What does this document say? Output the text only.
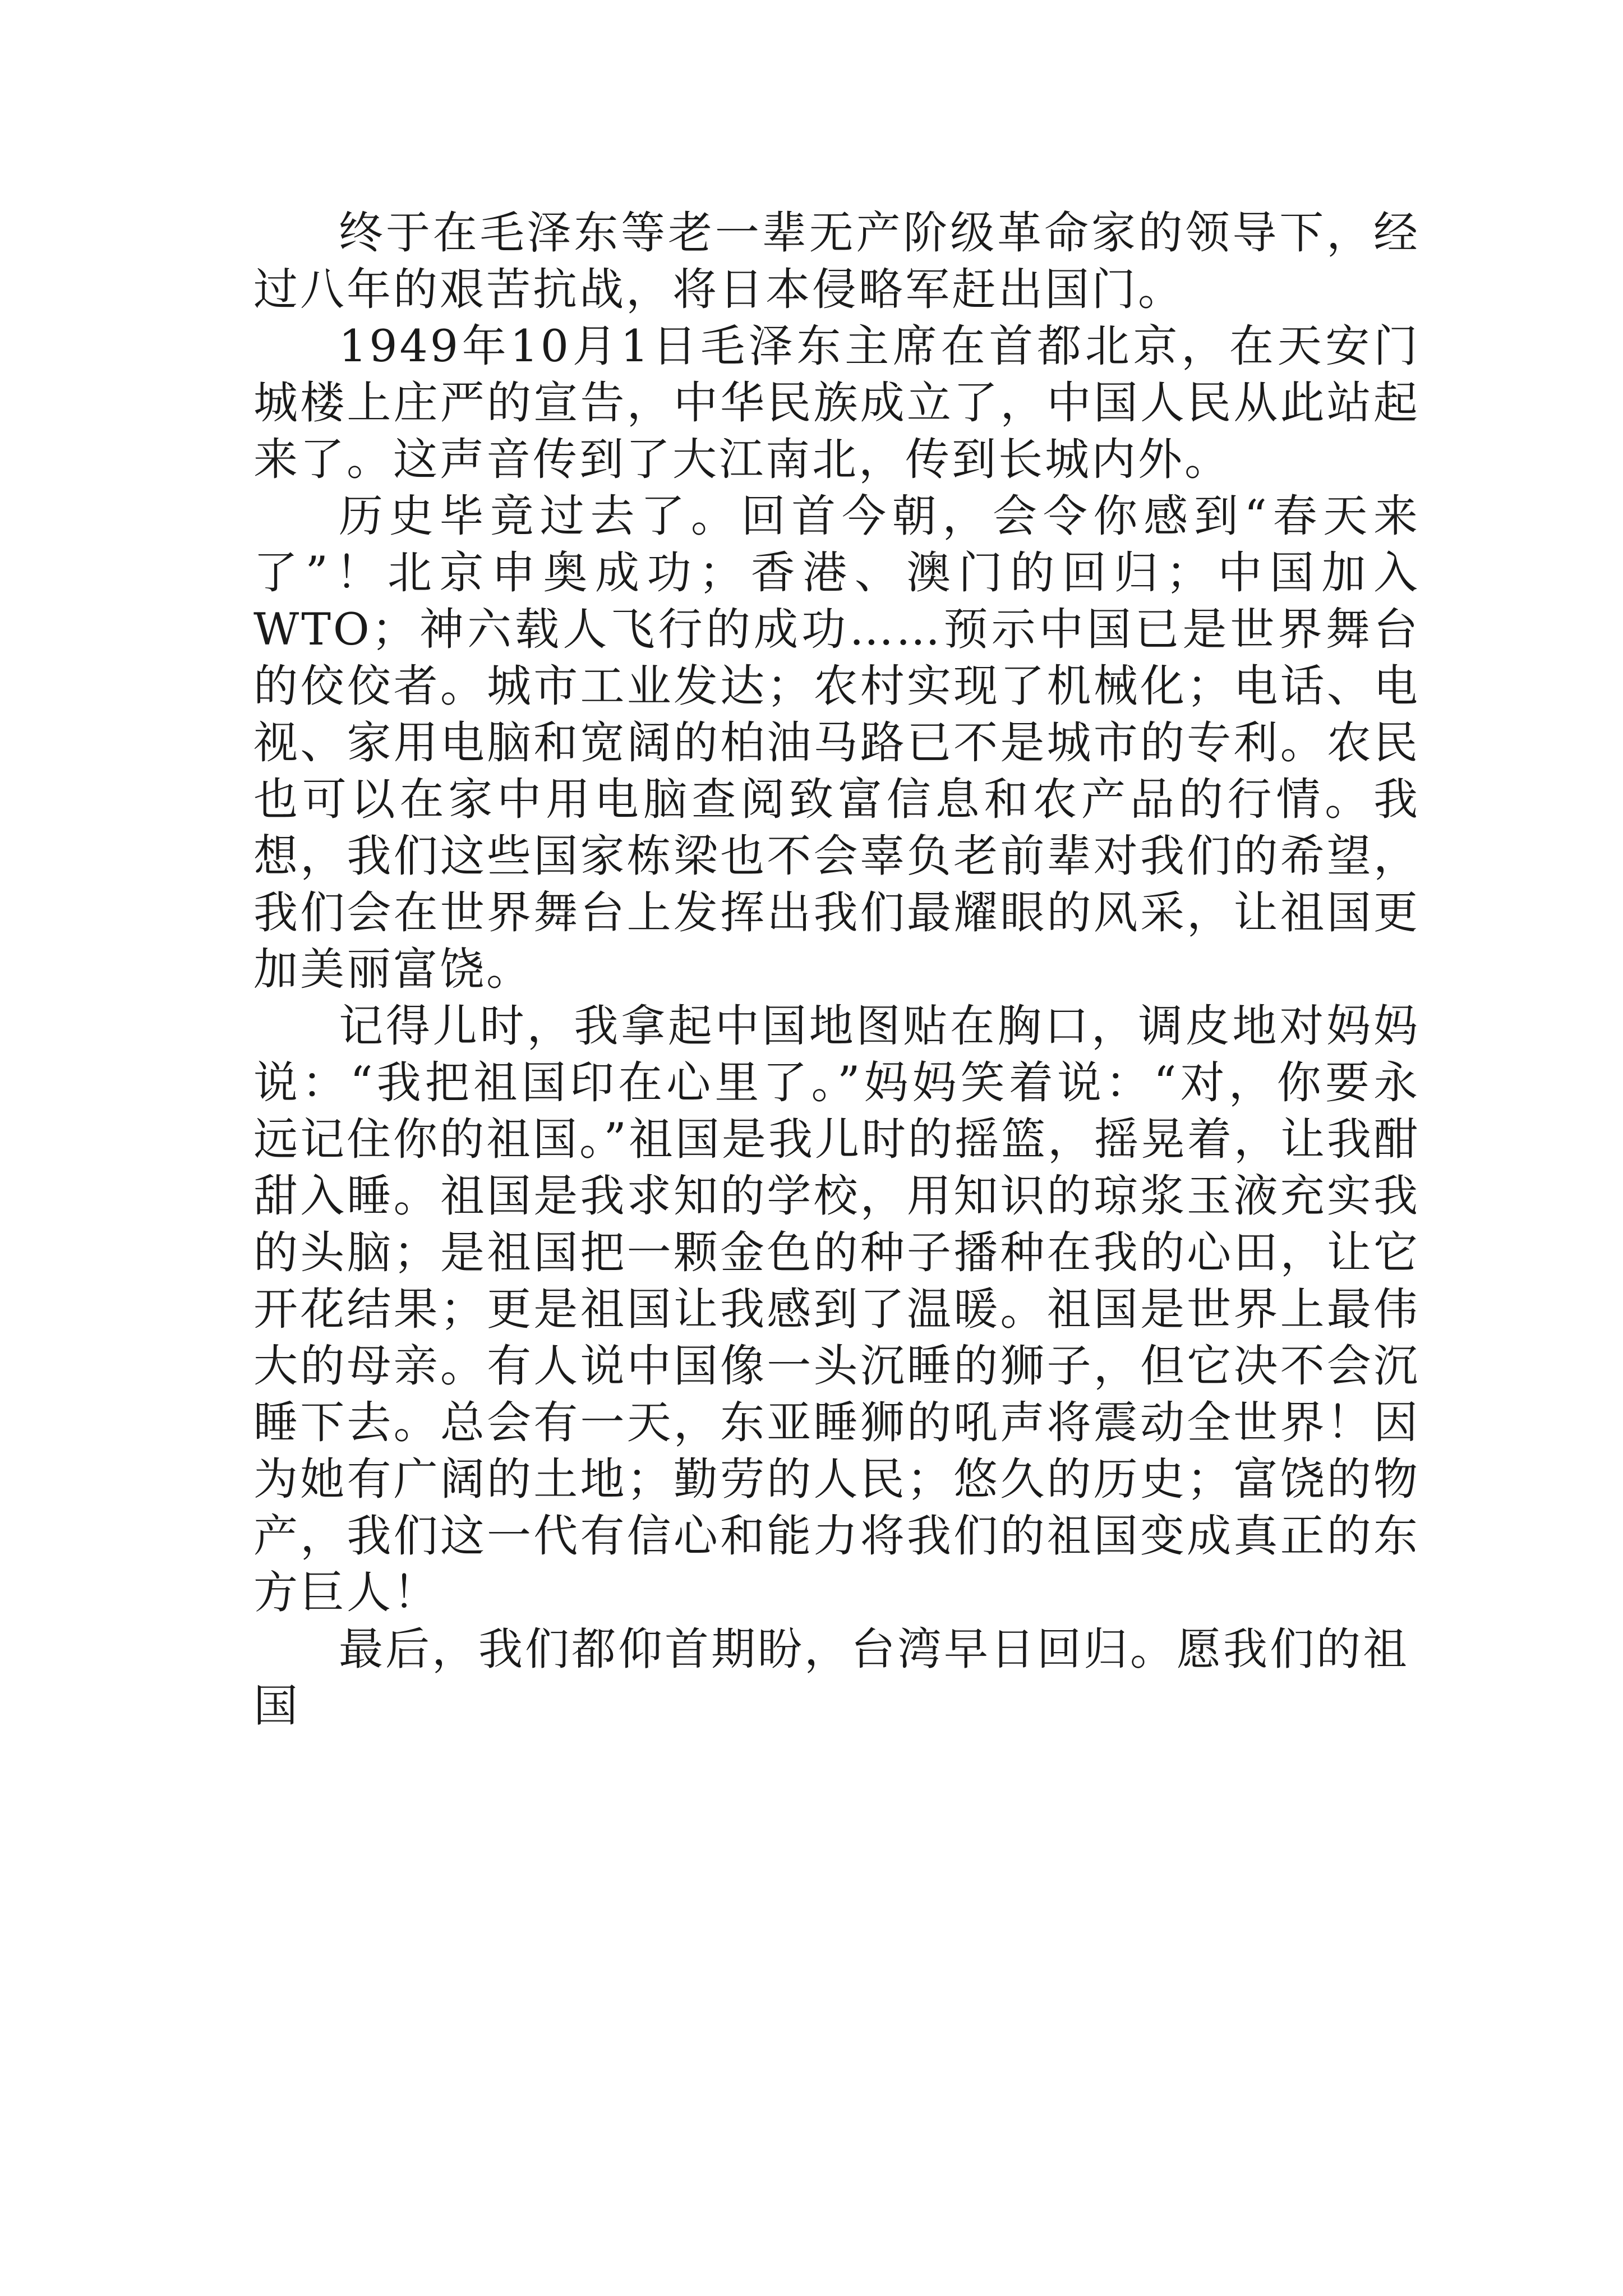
终于在毛泽东等老一辈无产阶级革命家的领导下，经过八年的艰苦抗战，将日本侵略军赶出国门。

1949年10月1日毛泽东主席在首都北京，在天安门城楼上庄严的宣告，中华民族成立了，中国人民从此站起来了。这声音传到了大江南北，传到长城内外。

历史毕竟过去了。回首今朝，会令你感到“春天来了”！北京申奥成功；香港、澳门的回归；中国加入WTO；神六载人飞行的成功……预示中国已是世界舞台的佼佼者。城市工业发达；农村实现了机械化；电话、电视、家用电脑和宽阔的柏油马路已不是城市的专利。农民也可以在家中用电脑查阅致富信息和农产品的行情。我想，我们这些国家栋梁也不会辜负老前辈对我们的希望，我们会在世界舞台上发挥出我们最耀眼的风采，让祖国更加美丽富饶。

记得儿时，我拿起中国地图贴在胸口，调皮地对妈妈说：“我把祖国印在心里了。”妈妈笑着说：“对，你要永远记住你的祖国。”祖国是我儿时的摇篮，摇晃着，让我酣甜入睡。祖国是我求知的学校，用知识的琼浆玉液充实我的头脑；是祖国把一颗金色的种子播种在我的心田，让它开花结果；更是祖国让我感到了温暖。祖国是世界上最伟大的母亲。有人说中国像一头沉睡的狮子，但它决不会沉睡下去。总会有一天，东亚睡狮的吼声将震动全世界！因为她有广阔的土地；勤劳的人民；悠久的历史；富饶的物产，我们这一代有信心和能力将我们的祖国变成真正的东方巨人！

最后，我们都仰首期盼，台湾早日回归。愿我们的祖国
